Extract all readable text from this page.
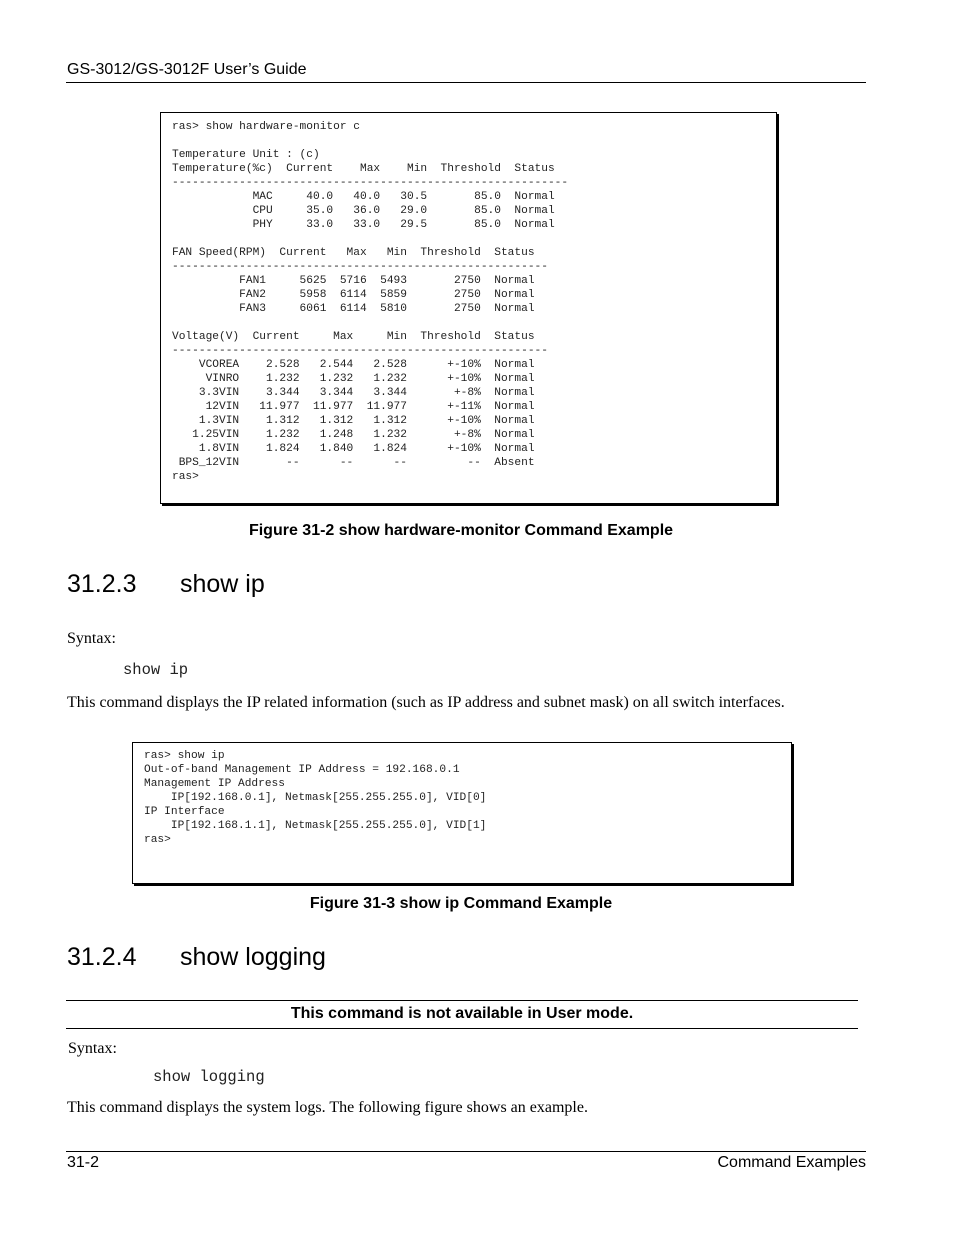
GS-3012/GS-3012F User’s Guide
ras> show hardware-monitor c

Temperature Unit : (c)
Temperature(%c)  Current    Max    Min  Threshold  Status
-----------------------------------------------------------
MAC     40.0   40.0   30.5       85.0  Normal
CPU     35.0   36.0   29.0       85.0  Normal
PHY     33.0   33.0   29.5       85.0  Normal

FAN Speed(RPM)  Current   Max   Min  Threshold  Status
--------------------------------------------------------
FAN1     5625  5716  5493       2750  Normal
FAN2     5958  6114  5859       2750  Normal
FAN3     6061  6114  5810       2750  Normal

Voltage(V)  Current     Max     Min  Threshold  Status
--------------------------------------------------------
VCOREA    2.528   2.544   2.528      +-10%  Normal
VINRO    1.232   1.232   1.232      +-10%  Normal
3.3VIN    3.344   3.344   3.344       +-8%  Normal
12VIN   11.977  11.977  11.977      +-11%  Normal
1.3VIN    1.312   1.312   1.312      +-10%  Normal
1.25VIN    1.232   1.248   1.232       +-8%  Normal
1.8VIN    1.824   1.840   1.824      +-10%  Normal
BPS_12VIN       --      --      --         --  Absent
ras>
Figure 31-2 show hardware-monitor Command Example
31.2.3 show ip
Syntax:
show ip
This command displays the IP related information (such as IP address and subnet mask) on all switch interfaces.
ras> show ip
Out-of-band Management IP Address = 192.168.0.1
Management IP Address
IP[192.168.0.1], Netmask[255.255.255.0], VID[0]
IP Interface
IP[192.168.1.1], Netmask[255.255.255.0], VID[1]
ras>
Figure 31-3 show ip Command Example
31.2.4 show logging
This command is not available in User mode.
Syntax:
show logging
This command displays the system logs. The following figure shows an example.
31-2	Command Examples
